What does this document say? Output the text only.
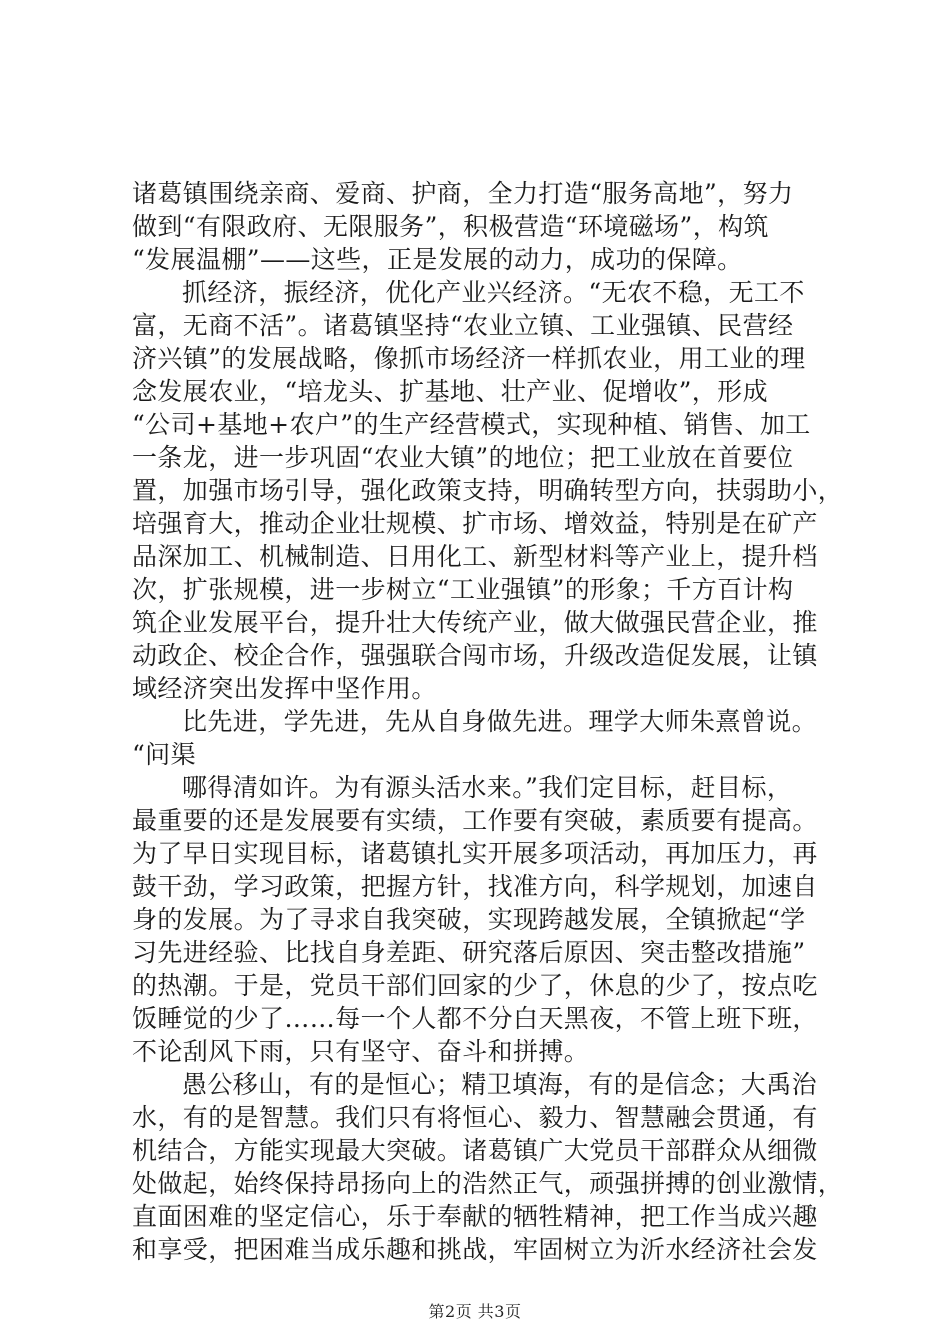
诸葛镇围绕亲商、爱商、护商，全力打造“服务高地”，努力
做到“有限政府、无限服务”，积极营造“环境磁场”，构筑
“发展温棚”——这些，正是发展的动力，成功的保障。
抓经济，振经济，优化产业兴经济。“无农不稳，无工不
富，无商不活”。诸葛镇坚持“农业立镇、工业强镇、民营经
济兴镇”的发展战略，像抓市场经济一样抓农业，用工业的理
念发展农业，“培龙头、扩基地、壮产业、促增收”，形成
“公司+基地+农户”的生产经营模式，实现种植、销售、加工
一条龙，进一步巩固“农业大镇”的地位；把工业放在首要位
置，加强市场引导，强化政策支持，明确转型方向，扶弱助小，
培强育大，推动企业壮规模、扩市场、增效益，特别是在矿产
品深加工、机械制造、日用化工、新型材料等产业上，提升档
次，扩张规模，进一步树立“工业强镇”的形象；千方百计构
筑企业发展平台，提升壮大传统产业，做大做强民营企业，推
动政企、校企合作，强强联合闯市场，升级改造促发展，让镇
域经济突出发挥中坚作用。
比先进，学先进，先从自身做先进。理学大师朱熹曾说。
“问渠
哪得清如许。为有源头活水来。”我们定目标，赶目标，
最重要的还是发展要有实绩，工作要有突破，素质要有提高。
为了早日实现目标，诸葛镇扎实开展多项活动，再加压力，再
鼓干劲，学习政策，把握方针，找准方向，科学规划，加速自
身的发展。为了寻求自我突破，实现跨越发展，全镇掀起“学
习先进经验、比找自身差距、研究落后原因、突击整改措施”
的热潮。于是，党员干部们回家的少了，休息的少了，按点吃
饭睡觉的少了……每一个人都不分白天黑夜，不管上班下班，
不论刮风下雨，只有坚守、奋斗和拼搏。
愚公移山，有的是恒心；精卫填海，有的是信念；大禹治
水，有的是智慧。我们只有将恒心、毅力、智慧融会贯通，有
机结合，方能实现最大突破。诸葛镇广大党员干部群众从细微
处做起，始终保持昂扬向上的浩然正气，顽强拼搏的创业激情，
直面困难的坚定信心，乐于奉献的牺牲精神，把工作当成兴趣
和享受，把困难当成乐趣和挑战，牢固树立为沂水经济社会发
第2页 共3页
